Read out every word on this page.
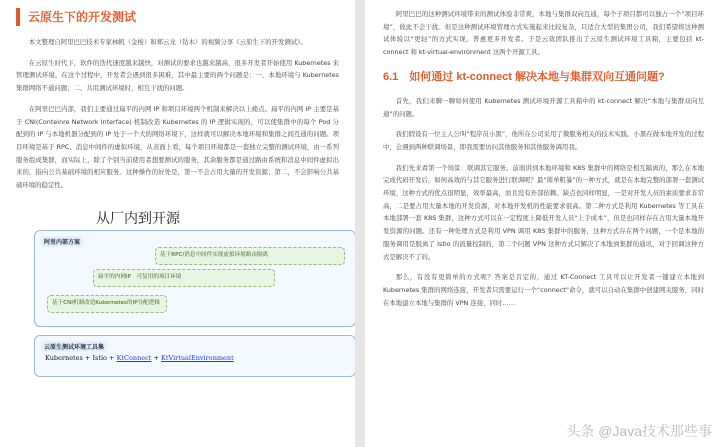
云原生下的开发测试

本文整理自阿里巴巴技术专家林帆（金梭）和郑云龙（钻木）的视频分享《云原生下的开发测试》。

在云原生时代下，软件的迭代速度越来越快，对测试的要求也越来越高，很多开发者开始使用 Kubernetes 来管理测试环境。在这个过程中，开发者会遇到很多困难，其中最主要的两个问题是：一、本地环境与 Kubernetes 集群网络不通问题；二、共用测试环境时，相互干扰的问题。

在阿里巴巴内部，我们主要通过扁平的内网 IP 和项目环境两个机制来解决以上痛点。扁平的内网 IP 主要是基于 CNI(Conteinre Network Interface) 机制改造 Kubernetes 的 IP 逻辑实现的，可以使集群中的每个 Pod 分配到的 IP 与本地机器分配到的 IP 处于一个大的网络环境下，这样就可以解决本地环境和集群之间互通的问题。项目环境是基于 RPC、消息中间件的虚拟环境，从表面上看，每个项目环境都是一套独立完整的测试环境，由一系列服务组成集群，而实际上，除了个别当前使用者想要测试的服务，其余服务都是通过路由系统和消息中间件虚拟出来的，指向公共基础环境的相应服务。这种操作的好处是，第一不会占用大量的开发资源；第二，不会影响公共基础环境的稳定性。

从厂内到开源
阿里内部方案
基于RPC/消息中间件实现虚拟环境路由隔离
扁平的内网IP　可复用的项目环境
基于CNI机制改造Kubernetes的IP分配逻辑
云原生测试环境工具集
Kubernetes + Istio + KtConnect + KtVirtualEnvironment

阿里巴巴的这种测试环境带来的测试体验非常爽，本地与集群双向互通，每个子项目都可以独占一个“项目环境”，彼此不会干扰。但是这种测试环境管理方式实施起来比较复杂，只适合大型的集团公司，我们希望将这种测试体验以“更轻”的方式实现，普惠更多开发者。于是云效团队推出了云原生测试环境工具箱，主要包括 kt-connect 和 kt-virtual-environment 这两个开源工具。

6.1　如何通过 kt-connect 解决本地与集群双向互通问题?

首先，我们来聊一聊如何使用 Kubernetes 测试环境开源工具箱中的 kt-connect 解决“本地与集群双向互通”的问题。

我们假设有一位主人公叫“程序员小黑”，他所在公司采用了微服务相关的技术实践。小黑在做本地开发的过程中，会遇到两种联调场景，即我需要访问其他服务和其他服务调用我。

我们先来看第一个场景：联调其它服务。前面讲到本地环境和 K8S 集群中的网络是相互隔离的，那么在本地完成代码开发后，如何高效的与其它服务进行联调呢？最“简单粗暴”的一种方式，就是在本地完整的部署一套测试环境，这种方式的优点很明显，效率最高，而且没有外部依赖。缺点也同样明显，一是对开发人员的素质要求非常高，二是要占用大量本地的开发资源，对本地开发机的性能要求很高。第二种方式是利用 Kubernetes 等工具在本地部署一套 K8S 集群，这种方式可以在一定程度上降低开发人员“上手成本”，但是也同样存在占用大量本地开发资源的问题。还有一种处理方式是利用 VPN 调用 K8S 集群中的服务，这种方式存在两个问题，一个是本地的服务调用是脱离了 Istio 的流量控制的，第二个问题 VPN 这种方式只解决了本地到集群的通讯，对于回调这种方式是解决不了的。

那么，有没有更简单的方式呢？答案是肯定的，通过 KT-Connect 工具可以让开发者一键建立本地到 Kubernetes 集群的网络连接，开发者只需要运行一个“connect”命令，就可以自动在集群中创建网关服务，同时在本地建立本地与集群的 VPN 连接，同时……

头条 @Java技术那些事
